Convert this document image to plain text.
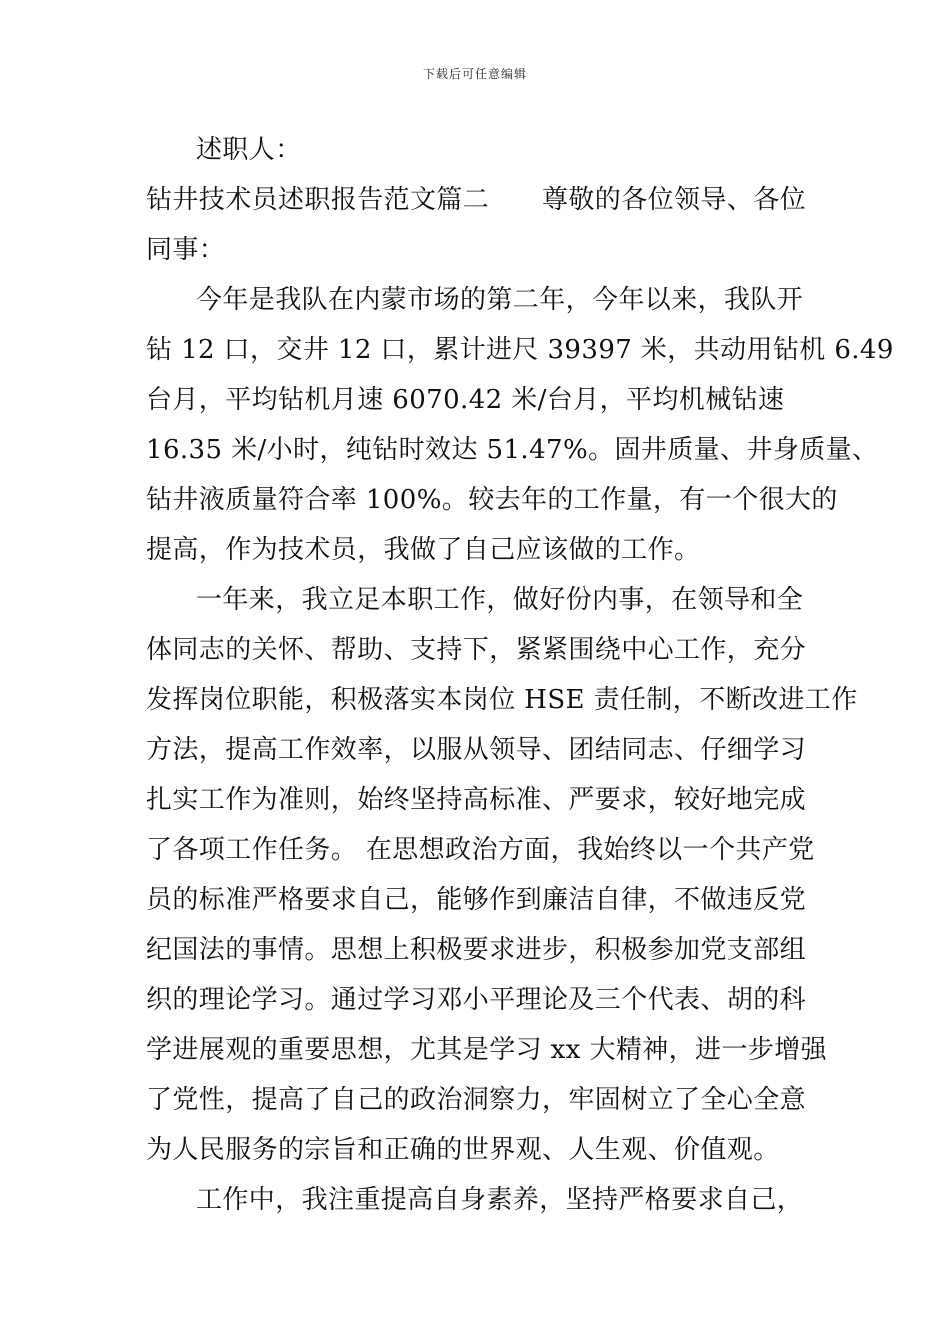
下载后可任意编辑
述职人：
钻井技术员述职报告范文篇二　　尊敬的各位领导、各位
同事：
今年是我队在内蒙市场的第二年，今年以来，我队开
钻 12 口，交井 12 口，累计进尺 39397 米，共动用钻机 6.49
台月，平均钻机月速 6070.42 米/台月，平均机械钻速
16.35 米/小时，纯钻时效达 51.47%。固井质量、井身质量、
钻井液质量符合率 100%。较去年的工作量，有一个很大的
提高，作为技术员，我做了自己应该做的工作。
一年来，我立足本职工作，做好份内事，在领导和全
体同志的关怀、帮助、支持下，紧紧围绕中心工作，充分
发挥岗位职能，积极落实本岗位 HSE 责任制，不断改进工作
方法，提高工作效率，以服从领导、团结同志、仔细学习
扎实工作为准则，始终坚持高标准、严要求，较好地完成
了各项工作任务。 在思想政治方面，我始终以一个共产党
员的标准严格要求自己，能够作到廉洁自律，不做违反党
纪国法的事情。思想上积极要求进步，积极参加党支部组
织的理论学习。通过学习邓小平理论及三个代表、胡的科
学进展观的重要思想，尤其是学习 xx 大精神，进一步增强
了党性，提高了自己的政治洞察力，牢固树立了全心全意
为人民服务的宗旨和正确的世界观、人生观、价值观。
工作中，我注重提高自身素养，坚持严格要求自己，
